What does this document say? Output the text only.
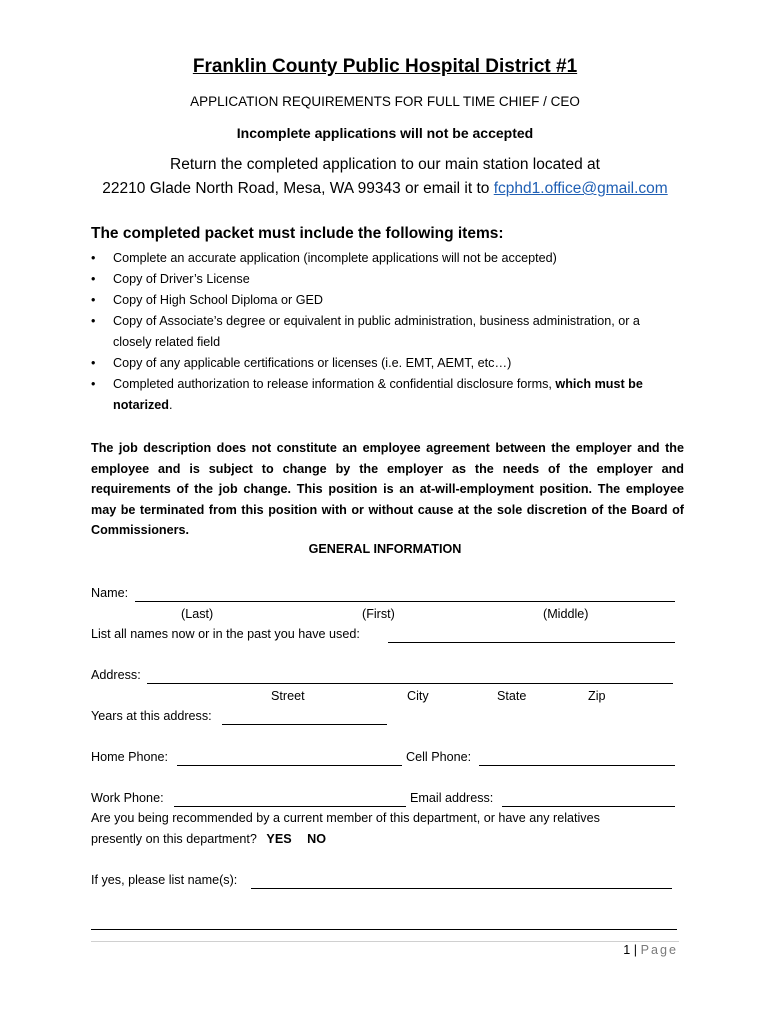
Franklin County Public Hospital District #1
APPLICATION REQUIREMENTS FOR FULL TIME CHIEF / CEO
Incomplete applications will not be accepted
Return the completed application to our main station located at
22210 Glade North Road, Mesa, WA 99343 or email it to fcphd1.office@gmail.com
The completed packet must include the following items:
• Complete an accurate application (incomplete applications will not be accepted)
• Copy of Driver’s License
• Copy of High School Diploma or GED
• Copy of Associate’s degree or equivalent in public administration, business administration, or a closely related field
• Copy of any applicable certifications or licenses (i.e. EMT, AEMT, etc…)
• Completed authorization to release information & confidential disclosure forms, which must be notarized.
The job description does not constitute an employee agreement between the employer and the employee and is subject to change by the employer as the needs of the employer and requirements of the job change. This position is an at-will-employment position. The employee may be terminated from this position with or without cause at the sole discretion of the Board of Commissioners.
GENERAL INFORMATION
Name:
(Last)	(First)	(Middle)
List all names now or in the past you have used:
Address:
Street	City	State	Zip
Years at this address:
Home Phone:	Cell Phone:
Work Phone:	Email address:
Are you being recommended by a current member of this department, or have any relatives
presently on this department? YES NO
If yes, please list name(s):
1 | Page
